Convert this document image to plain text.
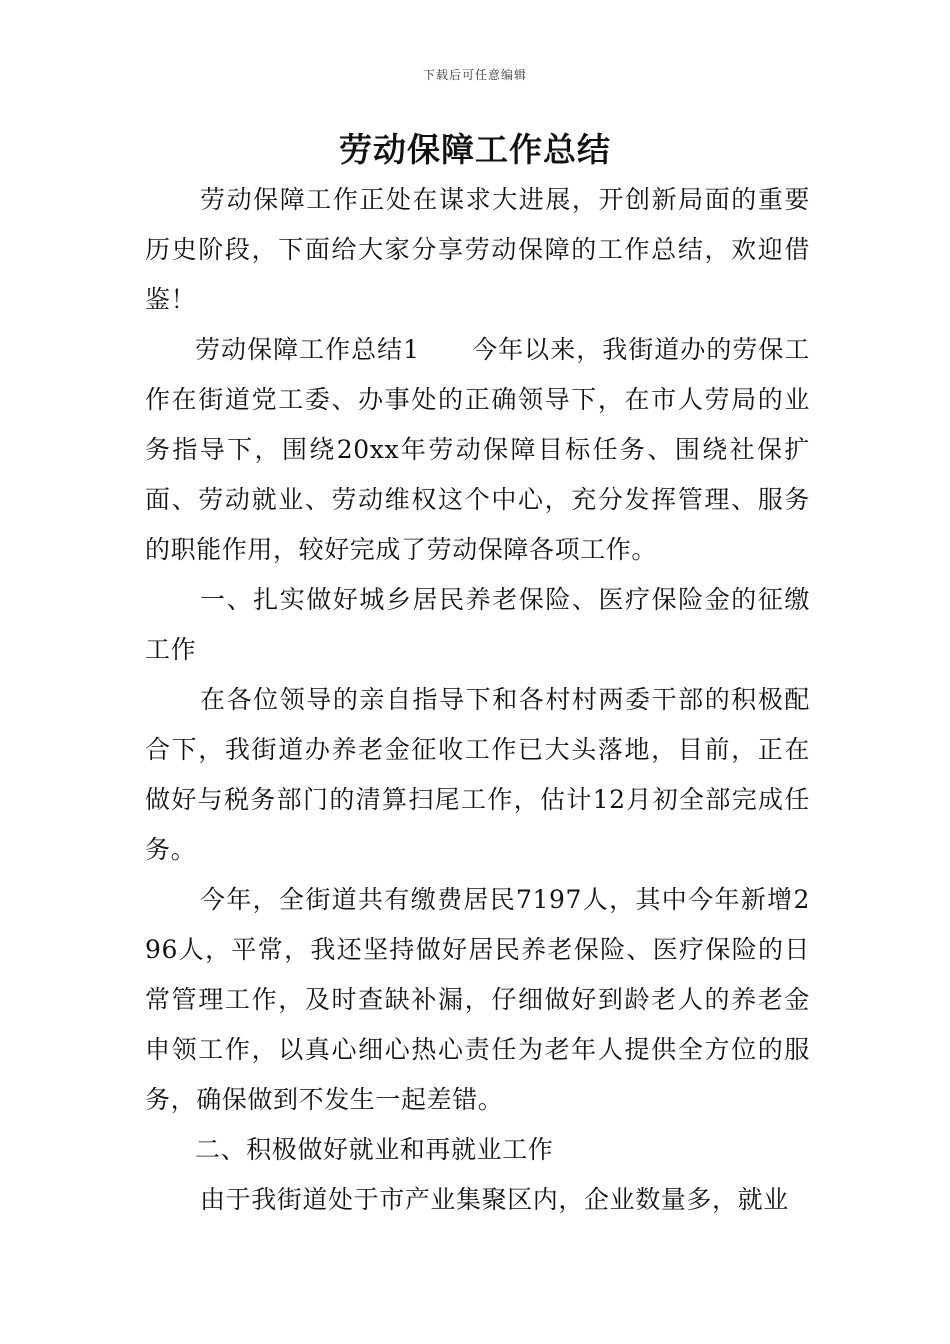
下载后可任意编辑
劳动保障工作总结

劳动保障工作正处在谋求大进展，开创新局面的重要历史阶段，下面给大家分享劳动保障的工作总结，欢迎借鉴！

劳动保障工作总结1　　今年以来，我街道办的劳保工作在街道党工委、办事处的正确领导下，在市人劳局的业务指导下，围绕20xx年劳动保障目标任务、围绕社保扩面、劳动就业、劳动维权这个中心，充分发挥管理、服务的职能作用，较好完成了劳动保障各项工作。

一、扎实做好城乡居民养老保险、医疗保险金的征缴工作

在各位领导的亲自指导下和各村村两委干部的积极配合下，我街道办养老金征收工作已大头落地，目前，正在做好与税务部门的清算扫尾工作，估计12月初全部完成任务。

今年，全街道共有缴费居民7197人，其中今年新增296人，平常，我还坚持做好居民养老保险、医疗保险的日常管理工作，及时查缺补漏，仔细做好到龄老人的养老金申领工作，以真心细心热心责任为老年人提供全方位的服务，确保做到不发生一起差错。

二、积极做好就业和再就业工作

由于我街道处于市产业集聚区内，企业数量多，就业
